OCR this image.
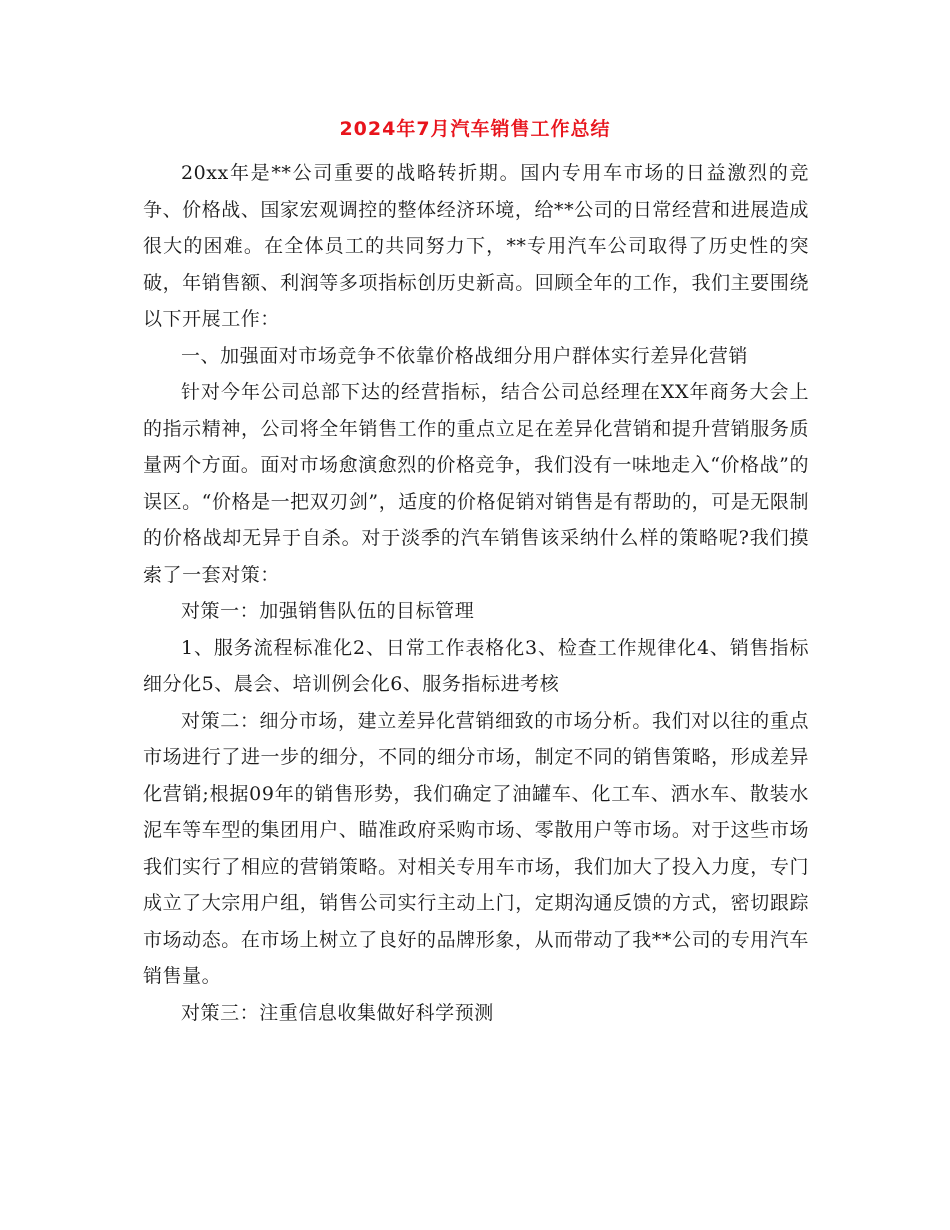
2024年7月汽车销售工作总结

20xx年是**公司重要的战略转折期。国内专用车市场的日益激烈的竞争、价格战、国家宏观调控的整体经济环境，给**公司的日常经营和进展造成很大的困难。在全体员工的共同努力下，**专用汽车公司取得了历史性的突破，年销售额、利润等多项指标创历史新高。回顾全年的工作，我们主要围绕以下开展工作：

一、加强面对市场竞争不依靠价格战细分用户群体实行差异化营销

针对今年公司总部下达的经营指标，结合公司总经理在XX年商务大会上的指示精神，公司将全年销售工作的重点立足在差异化营销和提升营销服务质量两个方面。面对市场愈演愈烈的价格竞争，我们没有一味地走入“价格战”的误区。“价格是一把双刃剑”，适度的价格促销对销售是有帮助的，可是无限制的价格战却无异于自杀。对于淡季的汽车销售该采纳什么样的策略呢?我们摸索了一套对策：

对策一：加强销售队伍的目标管理

1、服务流程标准化2、日常工作表格化3、检查工作规律化4、销售指标细分化5、晨会、培训例会化6、服务指标进考核

对策二：细分市场，建立差异化营销细致的市场分析。我们对以往的重点市场进行了进一步的细分，不同的细分市场，制定不同的销售策略，形成差异化营销;根据09年的销售形势，我们确定了油罐车、化工车、洒水车、散装水泥车等车型的集团用户、瞄准政府采购市场、零散用户等市场。对于这些市场我们实行了相应的营销策略。对相关专用车市场，我们加大了投入力度，专门成立了大宗用户组，销售公司实行主动上门，定期沟通反馈的方式，密切跟踪市场动态。在市场上树立了良好的品牌形象，从而带动了我**公司的专用汽车销售量。

对策三：注重信息收集做好科学预测
